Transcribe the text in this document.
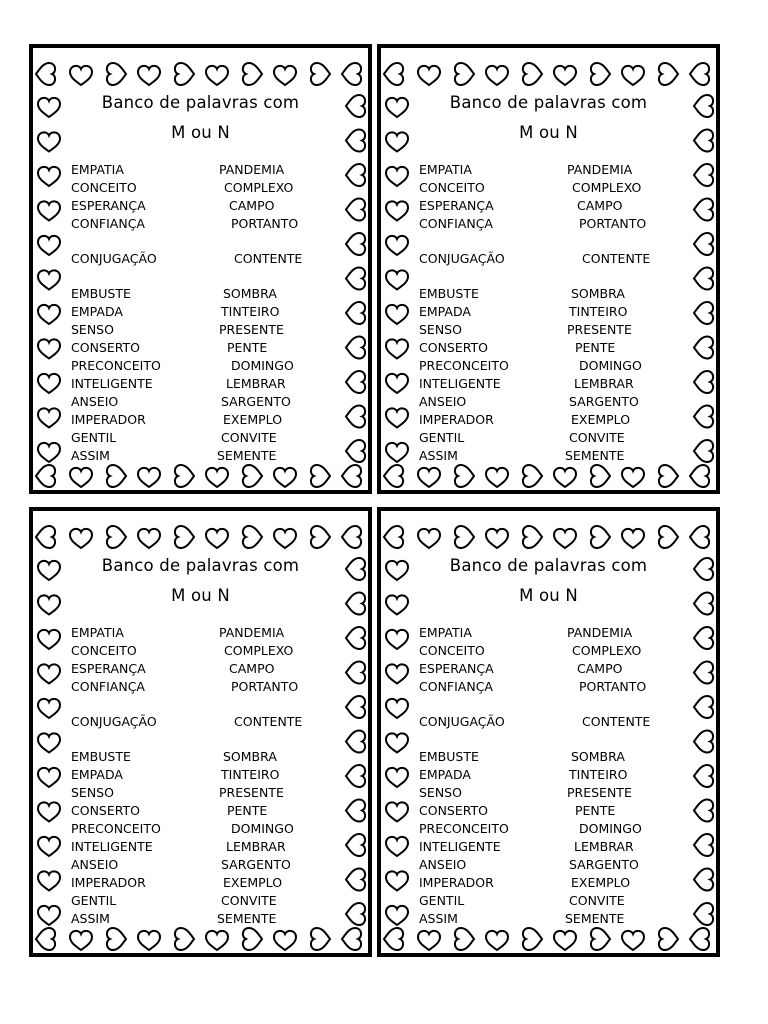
Banco de palavras com
M ou N
EMPATIA	PANDEMIA
CONCEITO	COMPLEXO
ESPERANÇA	CAMPO
CONFIANÇA	PORTANTO
CONJUGAÇÃO	CONTENTE
EMBUSTE	SOMBRA
EMPADA	TINTEIRO
SENSO	PRESENTE
CONSERTO	PENTE
PRECONCEITO	DOMINGO
INTELIGENTE	LEMBRAR
ANSEIO	SARGENTO
IMPERADOR	EXEMPLO
GENTIL	CONVITE
ASSIM	SEMENTE
Banco de palavras com
M ou N
EMPATIA	PANDEMIA
CONCEITO	COMPLEXO
ESPERANÇA	CAMPO
CONFIANÇA	PORTANTO
CONJUGAÇÃO	CONTENTE
EMBUSTE	SOMBRA
EMPADA	TINTEIRO
SENSO	PRESENTE
CONSERTO	PENTE
PRECONCEITO	DOMINGO
INTELIGENTE	LEMBRAR
ANSEIO	SARGENTO
IMPERADOR	EXEMPLO
GENTIL	CONVITE
ASSIM	SEMENTE
Banco de palavras com
M ou N
EMPATIA	PANDEMIA
CONCEITO	COMPLEXO
ESPERANÇA	CAMPO
CONFIANÇA	PORTANTO
CONJUGAÇÃO	CONTENTE
EMBUSTE	SOMBRA
EMPADA	TINTEIRO
SENSO	PRESENTE
CONSERTO	PENTE
PRECONCEITO	DOMINGO
INTELIGENTE	LEMBRAR
ANSEIO	SARGENTO
IMPERADOR	EXEMPLO
GENTIL	CONVITE
ASSIM	SEMENTE
Banco de palavras com
M ou N
EMPATIA	PANDEMIA
CONCEITO	COMPLEXO
ESPERANÇA	CAMPO
CONFIANÇA	PORTANTO
CONJUGAÇÃO	CONTENTE
EMBUSTE	SOMBRA
EMPADA	TINTEIRO
SENSO	PRESENTE
CONSERTO	PENTE
PRECONCEITO	DOMINGO
INTELIGENTE	LEMBRAR
ANSEIO	SARGENTO
IMPERADOR	EXEMPLO
GENTIL	CONVITE
ASSIM	SEMENTE
